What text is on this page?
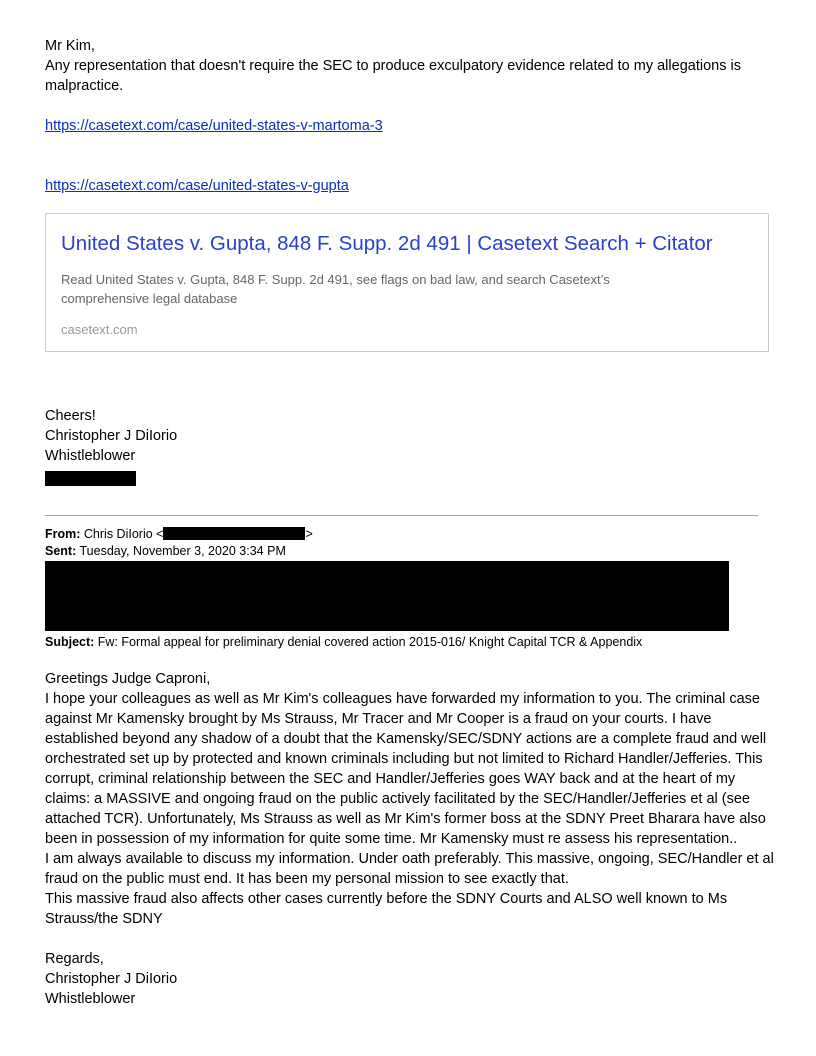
Mr Kim,
Any representation that doesn't require the SEC to produce exculpatory evidence related to my allegations is malpractice.
https://casetext.com/case/united-states-v-martoma-3
https://casetext.com/case/united-states-v-gupta
United States v. Gupta, 848 F. Supp. 2d 491 | Casetext Search + Citator
Read United States v. Gupta, 848 F. Supp. 2d 491, see flags on bad law, and search Casetext’s comprehensive legal database
casetext.com
Cheers!
Christopher J DiIorio
Whistleblower
From: Chris DiIorio <	>
Sent: Tuesday, November 3, 2020 3:34 PM
Subject: Fw: Formal appeal for preliminary denial covered action 2015-016/ Knight Capital TCR & Appendix
Greetings Judge Caproni,
I hope your colleagues as well as Mr Kim's colleagues have forwarded my information to you. The criminal case against Mr Kamensky brought by Ms Strauss, Mr Tracer and Mr Cooper is a fraud on your courts. I have established beyond any shadow of a doubt that the Kamensky/SEC/SDNY actions are a complete fraud and well orchestrated set up by protected and known criminals including but not limited to Richard Handler/Jefferies. This corrupt, criminal relationship between the SEC and Handler/Jefferies goes WAY back and at the heart of my claims: a MASSIVE and ongoing fraud on the public actively facilitated by the SEC/Handler/Jefferies et al (see attached TCR). Unfortunately, Ms Strauss as well as Mr Kim's former boss at the SDNY Preet Bharara have also been in possession of my information for quite some time. Mr Kamensky must re assess his representation..
I am always available to discuss my information. Under oath preferably. This massive, ongoing, SEC/Handler et al fraud on the public must end. It has been my personal mission to see exactly that.
This massive fraud also affects other cases currently before the SDNY Courts and ALSO well known to Ms Strauss/the SDNY
Regards,
Christopher J DiIorio
Whistleblower
